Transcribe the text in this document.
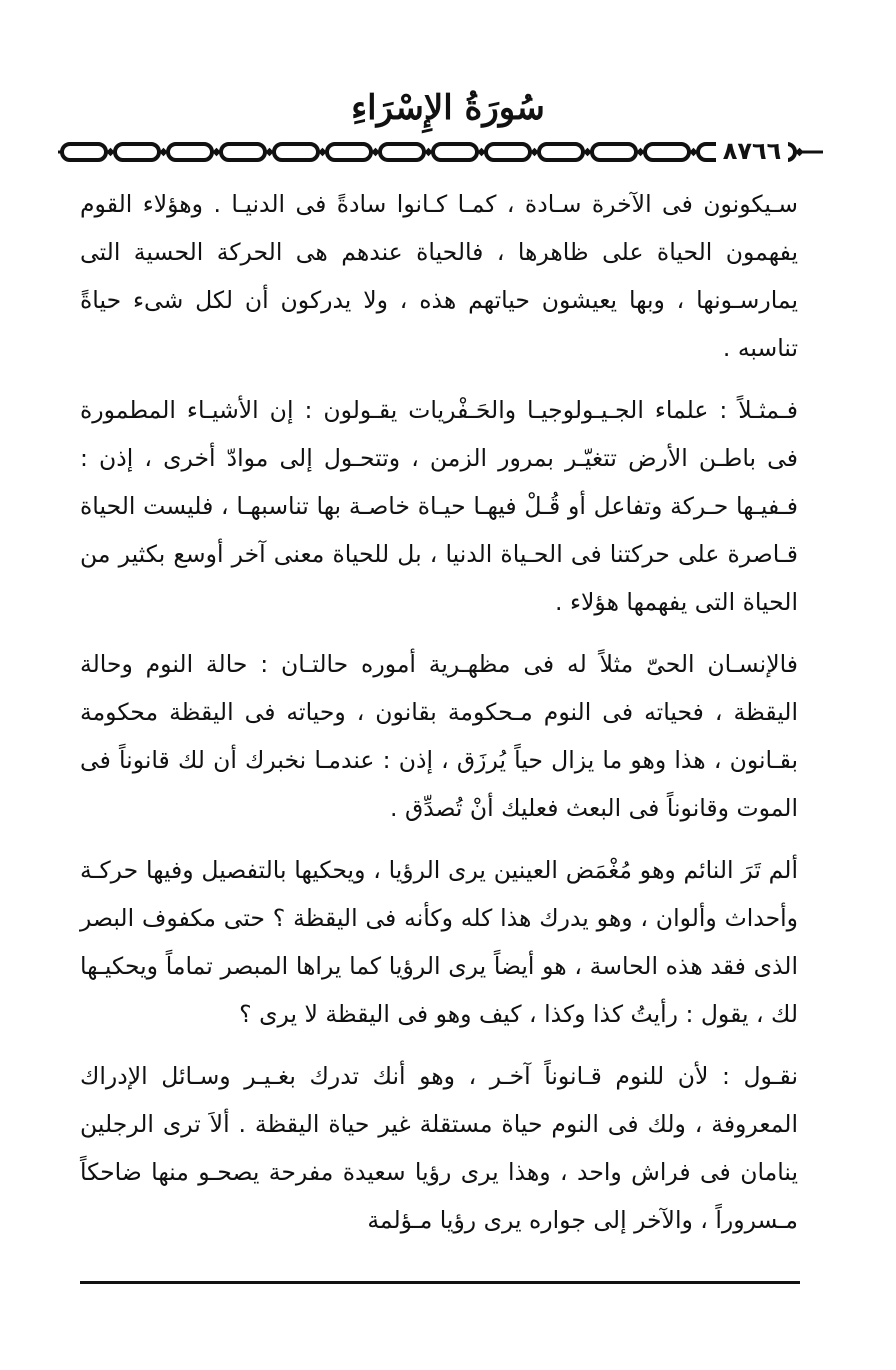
سُورَةُ الإِسْرَاءِ
٨٧٦٦

سـيكونون فى الآخرة سـادة ، كمـا كـانوا سادةً فى الدنيـا . وهؤلاء القوم يفهمون الحياة على ظاهرها ، فالحياة عندهم هى الحركة الحسية التى يمارسـونها ، وبها يعيشون حياتهم هذه ، ولا يدركون أن لكل شىء حياةً تناسبه .

فـمثـلاً : علماء الجـيـولوجيـا والحَـفْريات يقـولون : إن الأشيـاء المطمورة فى باطـن الأرض تتغيّـر بمرور الزمن ، وتتحـول إلى موادّ أخرى ، إذن : فـفيـها حـركة وتفاعل أو قُـلْ فيهـا حيـاة خاصـة بها تناسبهـا ، فليست الحياة قـاصرة على حركتنا فى الحـياة الدنيا ، بل للحياة معنى آخر أوسع بكثير من الحياة التى يفهمها هؤلاء .

فالإنسـان الحىّ مثلاً له فى مظهـرية أموره حالتـان : حالة النوم وحالة اليقظة ، فحياته فى النوم مـحكومة بقانون ، وحياته فى اليقظة محكومة بقـانون ، هذا وهو ما يزال حياً يُرزَق ، إذن : عندمـا نخبرك أن لك قانوناً فى الموت وقانوناً فى البعث فعليك أنْ تُصدِّق .

ألم تَرَ النائم وهو مُغْمَض العينين يرى الرؤيا ، ويحكيها بالتفصيل وفيها حركـة وأحداث وألوان ، وهو يدرك هذا كله وكأنه فى اليقظة ؟ حتى مكفوف البصر الذى فقد هذه الحاسة ، هو أيضاً يرى الرؤيا كما يراها المبصر تماماً ويحكيـها لك ، يقول : رأيتُ كذا وكذا ، كيف وهو فى اليقظة لا يرى ؟

نقـول : لأن للنوم قـانوناً آخـر ، وهو أنك تدرك بغـيـر وسـائل الإدراك المعروفة ، ولك فى النوم حياة مستقلة غير حياة اليقظة . ألاَ ترى الرجلين ينامان فى فراش واحد ، وهذا يرى رؤيا سعيدة مفرحة يصحـو منها ضاحكاً مـسروراً ، والآخر إلى جواره يرى رؤيا مـؤلمة
